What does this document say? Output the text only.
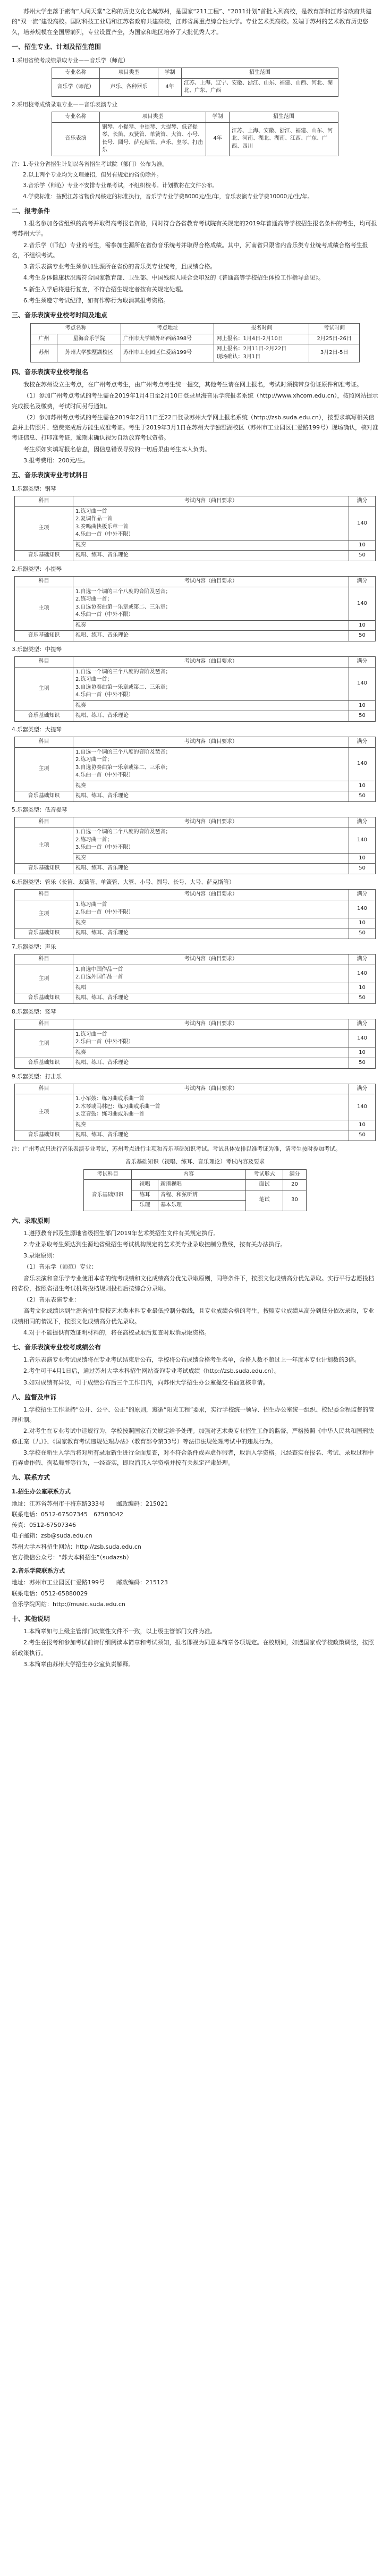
苏州大学坐落于素有“人间天堂”之称的历史文化名城苏州，是国家“211工程”、“2011计划”首批入列高校，是教育部和江苏省政府共建的“双一流”建设高校。国防科技工业局和江苏省政府共建高校，江苏省属重点综合性大学。专业艺术类高校。发端于苏州的艺术教育历史悠久，培养规模在全国居前列，专业设置齐全，为国家和地区培养了大批优秀人才。

一、招生专业、计划及招生范围
1.采用省统考成绩录取专业——音乐学（师范）
专业名称	项目类型	学制	招生范围
音乐学（师范）	声乐、各种器乐	4年	江苏、上海、辽宁、安徽、浙江、山东、福建、山西、河北、湖北、广东、广西
2.采用校考成绩录取专业——音乐表演专业
专业名称	项目类型	学制	招生范围
音乐表演	钢琴、小提琴、中提琴、大提琴、低音提琴、长笛、双簧管、单簧管、大管、小号、长号、圆号、萨克斯管、声乐、竖琴、打击乐	4年	江苏、上海、安徽、浙江、福建、山东、河北、河南、湖北、湖南、江西、广东、广西、四川

注：1.专业分省招生计划以各省招生考试院（部门）公布为准。

2.以上两个专业均为文理兼招，但另有规定的省份除外。

3.音乐学（师范）专业不安排专业课考试，不组织校考。计划数将在文件公布。

4.学费标准：按照江苏省物价局核定的标准执行，音乐学专业学费8000元/生/年，音乐表演专业学费10000元/生/年。

二、报考条件

1.报名参加各省组织的高考并取得高考报名资格，同时符合各省教育考试院有关规定的2019年普通高等学校招生报名条件的考生，均可报考苏州大学。

2.音乐学（师范）专业的考生，需参加生源所在省份音乐统考并取得合格成绩。其中，河南省只限省内音乐类专业统考成绩合格考生报名，不组织考试。

3.音乐表演专业考生须参加生源所在省份的音乐类专业统考，且成绩合格。

4.考生身体健康状况需符合国家教育部、卫生部、中国残疾人联合会印发的《普通高等学校招生体检工作指导意见》。

5.新生入学后将进行复查，不符合招生规定者按有关规定处理。

6.考生须遵守考试纪律，如有作弊行为取消其报考资格。

三、音乐表演专业校考时间及地点
考点名称		考点地址	报名时间	考试时间
广州	星海音乐学院	广州市大学城外环西路398号	网上报名：1月4日-2月10日	2月25日-26日
苏州	苏州大学独墅湖校区	苏州市工业园区仁爱路199号	网上报名：2月11日-2月22日
现场确认：3月1日	3月2日-5日
四、音乐表演专业校考报名

我校在苏州设立主考点，在广州考点考生，由广州考点考生统一提交，其他考生请在网上报名，考试时须携带身份证原件和准考证。

（1）参加广州考点考试的考生需在2019年1月4日至2月10日登录星海音乐学院报名系统（http://www.xhcom.edu.cn），按照网站提示完成报名及缴费，考试时间另行通知。

（2）参加苏州考点考试的考生需在2019年2月11日至22日登录苏州大学网上报名系统（http://zsb.suda.edu.cn），按要求填写相关信息并上传照片、缴费完成后方能生成准考证。考生于2019年3月1日在苏州大学独墅湖校区（苏州市工业园区仁爱路199号）现场确认，核对准考证信息、打印准考证，逾期未确认视为自动放弃考试资格。

考生须如实填写报名信息，因信息错误导致的一切后果由考生本人负责。

3.报考费用：200元/生。

五、音乐表演专业考试科目
1.乐器类型：钢琴
科目	考试内容（曲目要求）	满分
主项	1.练习曲一首
2.复调作品一首
3.奏鸣曲快板乐章一首
4.乐曲一首（中外不限）	140
	视奏	10
音乐基础知识	视唱、练耳、音乐理论	50
2.乐器类型：小提琴
科目	考试内容（曲目要求）	满分
主项	1.自选一个调的三个八度的音阶及琶音；
2.练习曲一首；
3.自选协奏曲第一乐章或第二、三乐章；
4.乐曲一首（中外不限）	140
	视奏	10
音乐基础知识	视唱、练耳、音乐理论	50
3.乐器类型：中提琴
科目	考试内容（曲目要求）	满分
主项	1.自选一个调的三个八度的音阶及琶音；
2.练习曲一首；
3.自选协奏曲第一乐章或第二、三乐章；
4.乐曲一首（中外不限）	140
	视奏	10
音乐基础知识	视唱、练耳、音乐理论	50
4.乐器类型：大提琴
科目	考试内容（曲目要求）	满分
主项	1.自选一个调的三个八度的音阶及琶音；
2.练习曲一首；
3.自选协奏曲第一乐章或第二、三乐章；
4.乐曲一首（中外不限）	140
	视奏	10
音乐基础知识	视唱、练耳、音乐理论	50
5.乐器类型：低音提琴
科目	考试内容（曲目要求）	满分
主项	1.自选一个调的二个八度的音阶及琶音；
2.练习曲一首；
3.乐曲一首（中外不限）	140
	视奏	10
音乐基础知识	视唱、练耳、音乐理论	50
6.乐器类型：管乐（长笛、双簧管、单簧管、大管、小号、圆号、长号、大号、萨克斯管）
科目	考试内容（曲目要求）	满分
主项	1.练习曲一首
2.乐曲一首（中外不限）	140
	视奏	10
音乐基础知识	视唱、练耳、音乐理论	50
7.乐器类型：声乐
科目	考试内容（曲目要求）	满分
主项	1.自选中国作品一首
2.自选外国作品一首	140
	视唱	10
音乐基础知识	视唱、练耳、音乐理论	50
8.乐器类型：竖琴
科目	考试内容（曲目要求）	满分
主项	1.练习曲一首
2.乐曲一首（中外不限）	140
	视奏	10
音乐基础知识	视唱、练耳、音乐理论	50
9.乐器类型：打击乐
科目	考试内容（曲目要求）	满分
主项	1.小军鼓：练习曲或乐曲一首
2.木琴或马林巴：练习曲或乐曲一首
3.定音鼓：练习曲或乐曲一首	140
	视奏	10
音乐基础知识	视唱、练耳、音乐理论	50

注：广州考点只进行音乐表演专业考试，苏州考点进行主项和音乐基础知识考试。考试具体安排以准考证为准，请考生按时参加考试。

音乐基础知识（视唱、练耳、音乐理论）考试内容及要求
考试科目	内容		考试形式	满分
音乐基础知识	视唱	新谱视唱	面试	20
	练耳	音程、和弦听辨	笔试	30
	乐理	基本乐理		
六、录取原则

1.遵照教育部及生源地省级招生部门2019年艺术类招生文件有关规定执行。

2.专业录取考生须达到生源地省级招生考试机构规定的艺术类专业录取控制分数线，按有关办法执行。

3.录取原则：

（1）音乐学（师范）专业：

音乐表演和音乐学专业使用本省的统考成绩和文化成绩高分优先录取原则，同等条件下，按照文化成绩高分优先录取。实行平行志愿投档的省份，按照省招生考试机构投档规则投档后按综合分录取。

（2）音乐表演专业：

高考文化成绩达到生源省招生院校艺术类本科专业最低控制分数线，且专业成绩合格的考生，按照专业成绩从高分到低分依次录取，专业成绩相同的情况下，按照文化成绩高分优先录取。

4.对于不能提供有效证明材料的，将在高校录取后复查时取消录取资格。

七、音乐表演专业校考成绩公布

1.音乐表演专业考试成绩将在专业考试结束后公布，学校将公布成绩合格考生名单，合格人数不超过上一年度本专业计划数的3倍。

2.考生可于4月1日后，通过苏州大学本科招生网站查询专业考试成绩（http://zsb.suda.edu.cn）。

3.如对成绩有异议，可于成绩公布后三个工作日内，向苏州大学招生办公室提交书面复核申请。

八、监督及申诉

1.学校招生工作坚持“公开、公平、公正”的原则，遵循“阳光工程”要求，实行学校统一领导、招生办公室统一组织、校纪委全程监督的管理机制。

2.对考生在专业考试中违规行为，学校按照国家有关规定给予处理。加强对艺术类专业招生工作的监督，严格按照《中华人民共和国刑法修正案（九）》、《国家教育考试违规处理办法》（教育部令第33号）等法律法规处理考试中的违规行为。

3.学校在新生入学后将对所有录取新生进行全面复查，对不符合条件或弄虚作假者，取消入学资格。凡经查实在报名、考试、录取过程中有弄虚作假、徇私舞弊等行为，一经查实，即取消其入学资格并按有关规定严肃处理。

九、联系方式
1.招生办公室联系方式

地址：江苏省苏州市干将东路333号　　邮政编码：215021

联系电话：0512-67507345　67503042

传真：0512-67507346

电子邮箱：zsb@suda.edu.cn

苏州大学本科招生网站：http://zsb.suda.edu.cn

官方微信公众号：“苏大本科招生”（sudazsb）

2.音乐学院联系方式

地址：苏州市工业园区仁爱路199号　　邮政编码：215123

联系电话：0512-65880029

音乐学院网站：http://music.suda.edu.cn

十、其他说明

1.本简章如与上级主管部门政策性文件不一致，以上级主管部门文件为准。

2.考生在报考和参加考试前请仔细阅读本简章和考试须知，报名即视为同意本简章各项规定。在校期间，如遇国家或学校政策调整，按照新政策执行。

3.本简章由苏州大学招生办公室负责解释。
